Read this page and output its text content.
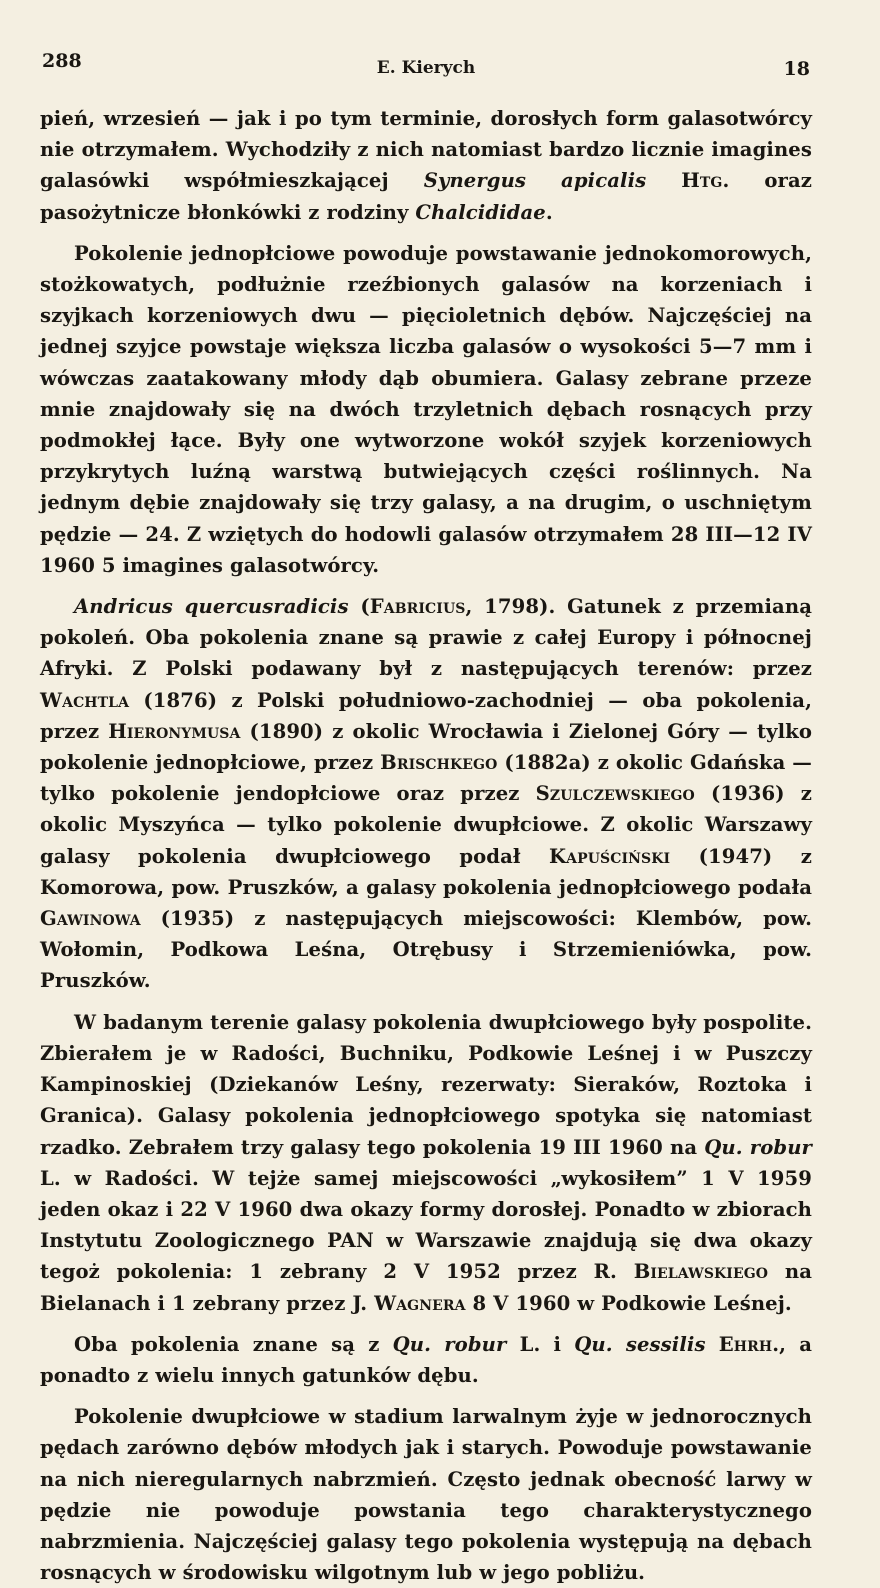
288	E. Kierych	18

pień, wrzesień — jak i po tym terminie, dorosłych form galasotwórcy nie otrzymałem. Wychodziły z nich natomiast bardzo licznie imagines galasówki współmieszkającej Synergus apicalis Htg. oraz pasożytnicze błonkówki z rodziny Chalcididae.

Pokolenie jednopłciowe powoduje powstawanie jednokomorowych, stożkowatych, podłużnie rzeźbionych galasów na korzeniach i szyjkach korzeniowych dwu — pięcioletnich dębów. Najczęściej na jednej szyjce powstaje większa liczba galasów o wysokości 5—7 mm i wówczas zaatakowany młody dąb obumiera. Galasy zebrane przeze mnie znajdowały się na dwóch trzyletnich dębach rosnących przy podmokłej łące. Były one wytworzone wokół szyjek korzeniowych przykrytych luźną warstwą butwiejących części roślinnych. Na jednym dębie znajdowały się trzy galasy, a na drugim, o uschniętym pędzie — 24. Z wziętych do hodowli galasów otrzymałem 28 III—12 IV 1960 5 imagines galasotwórcy.

Andricus quercusradicis (Fabricius, 1798). Gatunek z przemianą pokoleń. Oba pokolenia znane są prawie z całej Europy i północnej Afryki. Z Polski podawany był z następujących terenów: przez Wachtla (1876) z Polski południowo-zachodniej — oba pokolenia, przez Hieronymusa (1890) z okolic Wrocławia i Zielonej Góry — tylko pokolenie jednopłciowe, przez Brischkego (1882a) z okolic Gdańska — tylko pokolenie jendopłciowe oraz przez Szulczewskiego (1936) z okolic Myszyńca — tylko pokolenie dwupłciowe. Z okolic Warszawy galasy pokolenia dwupłciowego podał Kapuściński (1947) z Komorowa, pow. Pruszków, a galasy pokolenia jednopłciowego podała Gawinowa (1935) z następujących miejscowości: Klembów, pow. Wołomin, Podkowa Leśna, Otrębusy i Strzemieniówka, pow. Pruszków.

W badanym terenie galasy pokolenia dwupłciowego były pospolite. Zbierałem je w Radości, Buchniku, Podkowie Leśnej i w Puszczy Kampinoskiej (Dziekanów Leśny, rezerwaty: Sieraków, Roztoka i Granica). Galasy pokolenia jednopłciowego spotyka się natomiast rzadko. Zebrałem trzy galasy tego pokolenia 19 III 1960 na Qu. robur L. w Radości. W tejże samej miejscowości „wykosiłem” 1 V 1959 jeden okaz i 22 V 1960 dwa okazy formy dorosłej. Ponadto w zbiorach Instytutu Zoologicznego PAN w Warszawie znajdują się dwa okazy tegoż pokolenia: 1 zebrany 2 V 1952 przez R. Bielawskiego na Bielanach i 1 zebrany przez J. Wagnera 8 V 1960 w Podkowie Leśnej.

Oba pokolenia znane są z Qu. robur L. i Qu. sessilis Ehrh., a ponadto z wielu innych gatunków dębu.

Pokolenie dwupłciowe w stadium larwalnym żyje w jednorocznych pędach zarówno dębów młodych jak i starych. Powoduje powstawanie na nich nieregularnych nabrzmień. Często jednak obecność larwy w pędzie nie powoduje powstania tego charakterystycznego nabrzmienia. Najczęściej galasy tego pokolenia występują na dębach rosnących w środowisku wilgotnym lub w jego pobliżu.
